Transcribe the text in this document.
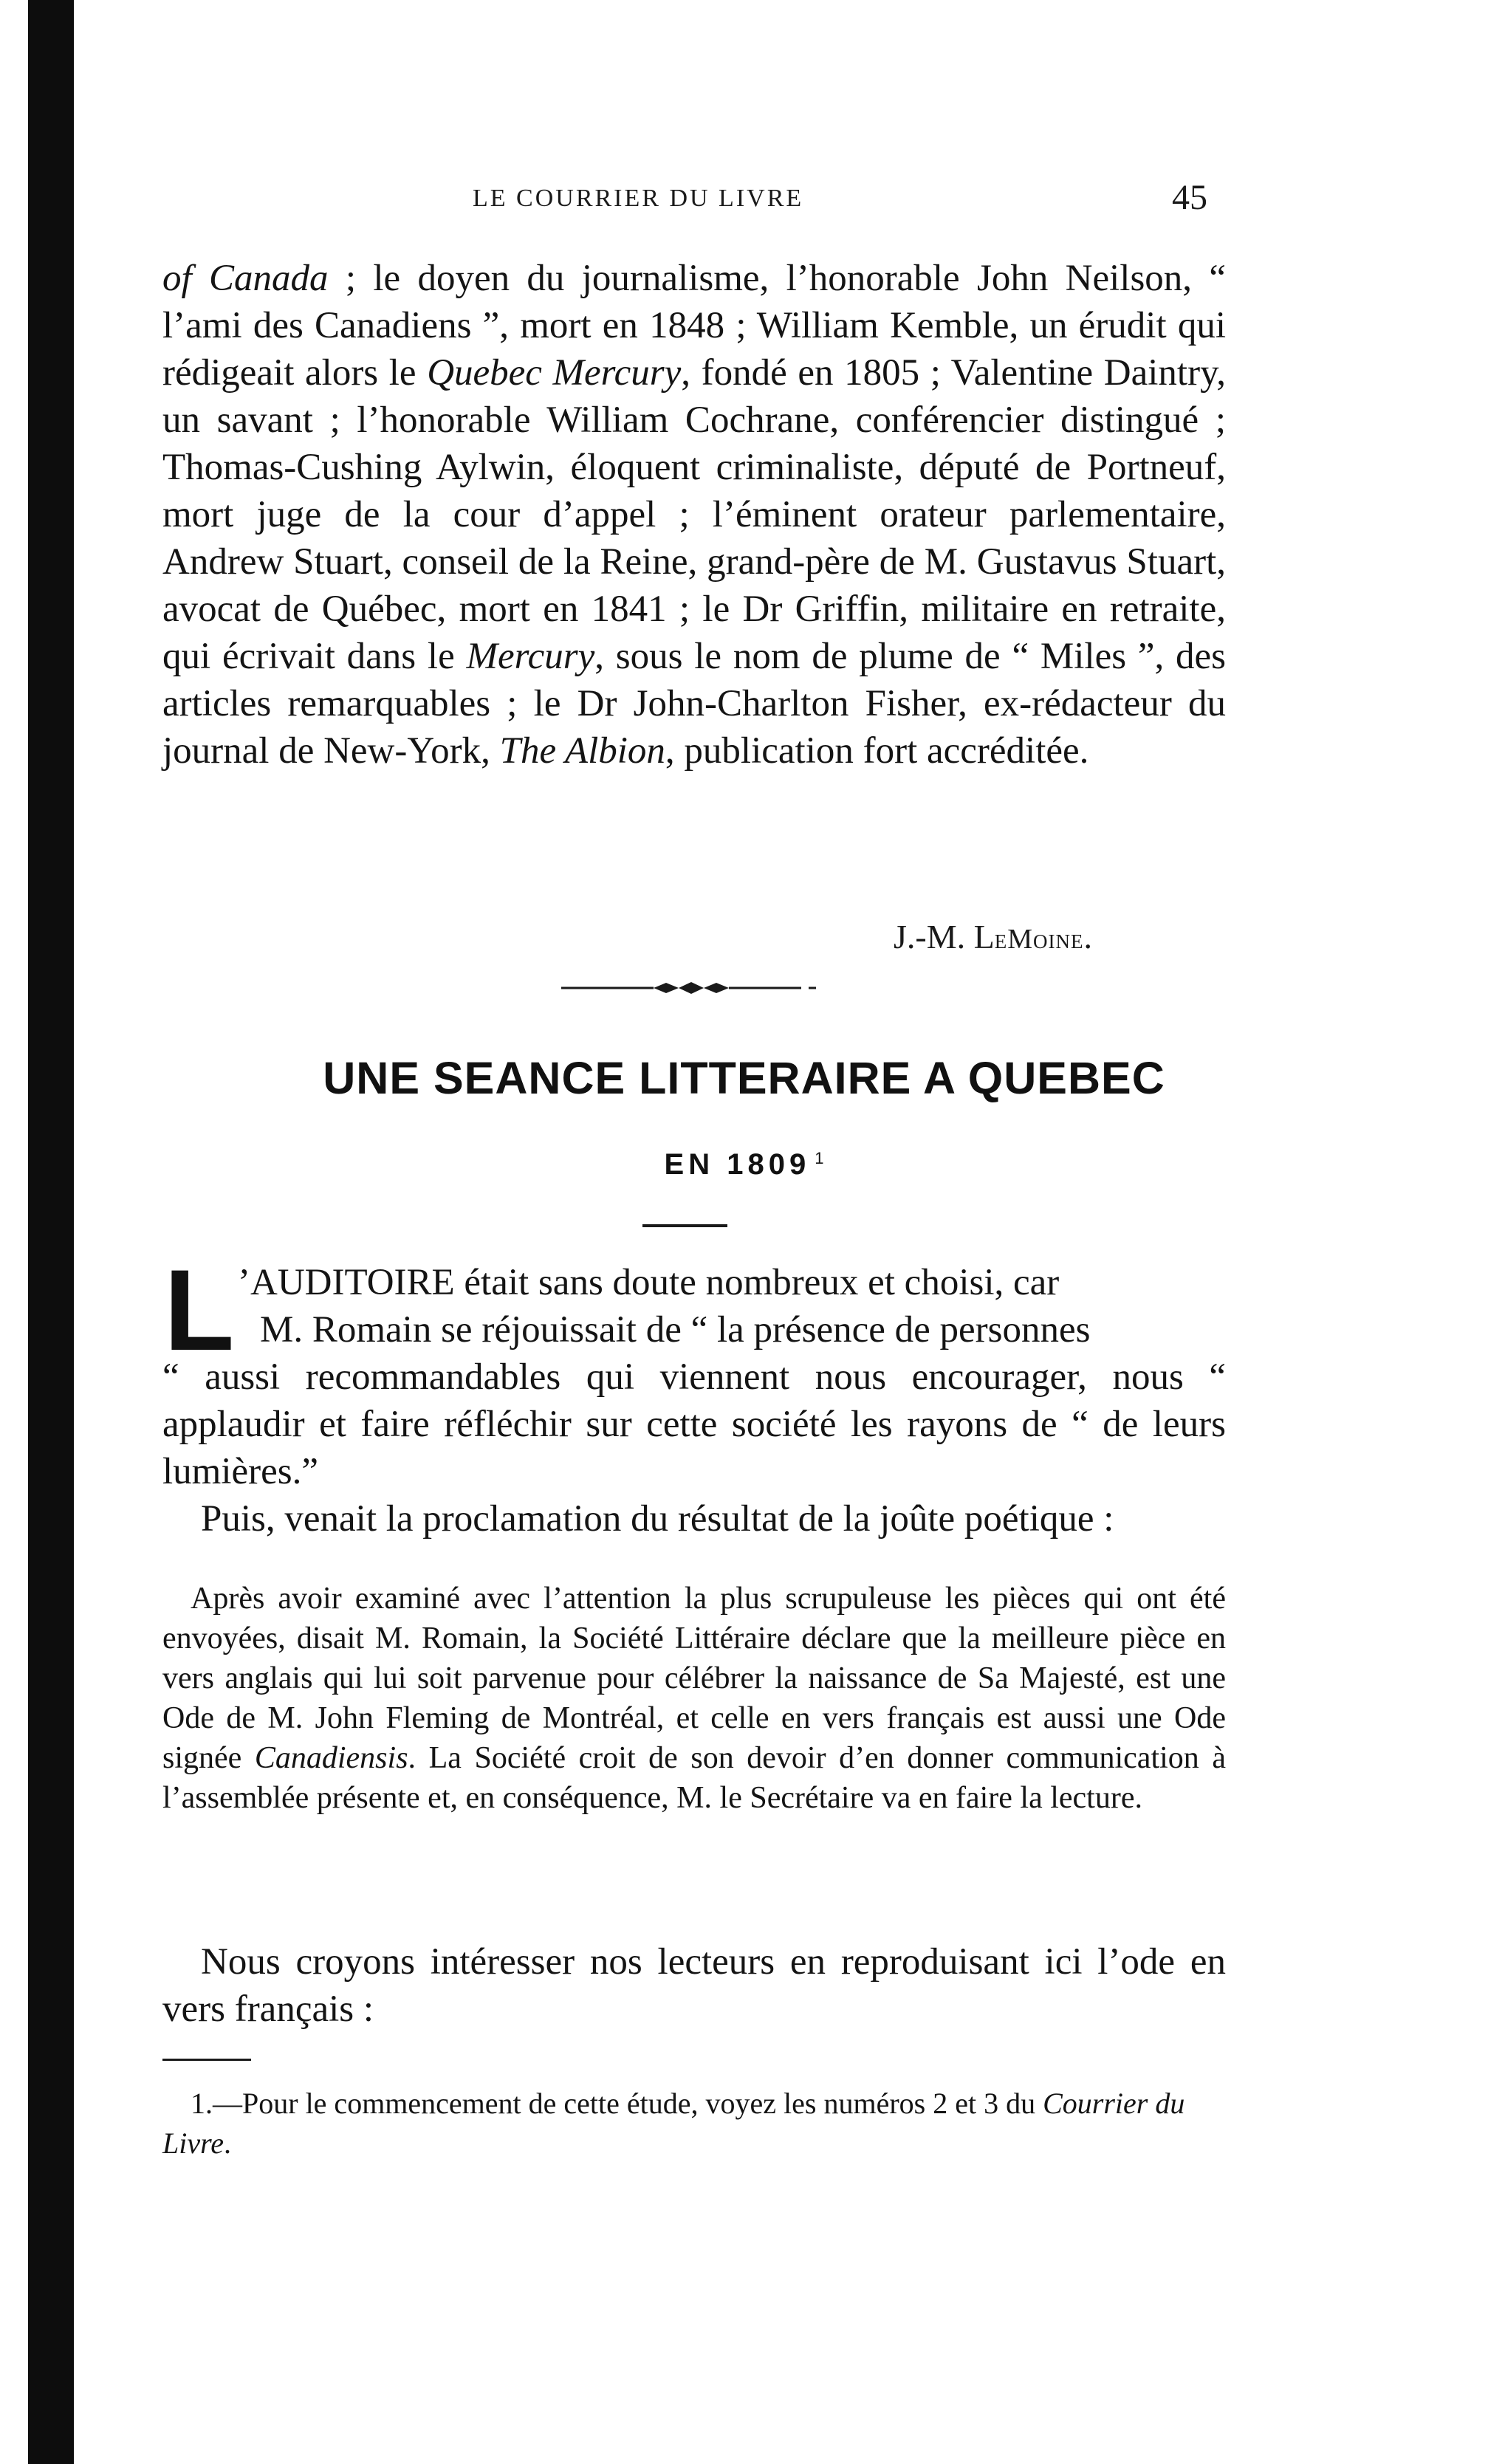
LE COURRIER DU LIVRE	45

of Canada ; le doyen du journalisme, l’honorable John Neilson, “ l’ami des Canadiens ”, mort en 1848 ; William Kemble, un érudit qui rédigeait alors le Quebec Mercury, fondé en 1805 ; Valentine Daintry, un savant ; l’honorable William Cochrane, conférencier distingué ; Thomas-Cushing Aylwin, éloquent criminaliste, député de Portneuf, mort juge de la cour d’appel ; l’éminent orateur parlementaire, Andrew Stuart, conseil de la Reine, grand-père de M. Gustavus Stuart, avocat de Québec, mort en 1841 ; le Dr Griffin, militaire en retraite, qui écrivait dans le Mercury, sous le nom de plume de “ Miles ”, des articles remarquables ; le Dr John-Charlton Fisher, ex-rédacteur du journal de New-York, The Albion, publication fort accréditée.

J.-M. LeMoine.
UNE SEANCE LITTERAIRE A QUEBEC
EN 1809 $^1$
L ’AUDITOIRE était sans doute nombreux et choisi, car
M. Romain se réjouissait de “ la présence de personnes

“ aussi recommandables qui viennent nous encourager, nous “ applaudir et faire réfléchir sur cette société les rayons de “ de leurs lumières.”

Puis, venait la proclamation du résultat de la joûte poétique :

Après avoir examiné avec l’attention la plus scrupuleuse les pièces qui ont été envoyées, disait M. Romain, la Société Littéraire déclare que la meilleure pièce en vers anglais qui lui soit parvenue pour célébrer la naissance de Sa Majesté, est une Ode de M. John Fleming de Montréal, et celle en vers français est aussi une Ode signée Canadiensis. La Société croit de son devoir d’en donner communication à l’assemblée présente et, en conséquence, M. le Secrétaire va en faire la lecture.

Nous croyons intéresser nos lecteurs en reproduisant ici l’ode en vers français :

1.—Pour le commencement de cette étude, voyez les numéros 2 et 3 du Courrier du Livre.
